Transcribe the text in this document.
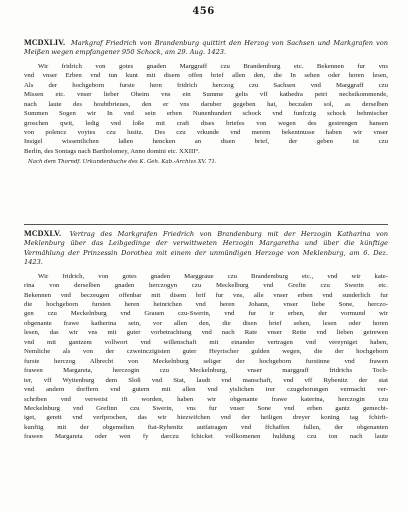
456

MCDXLIV. Markgraf Friedrich von Brandenburg quittirt den Herzog von Sachsen und Markgrafen von Meißen wegen empfangener 950 Schock, am 29. Aug. 1423.

Wir fridrich von gotes gnaden Marggraff czu Brandemburg etc. Bekennen fur vns
vnd vnser Erben vnd tun kunt mit disem offen brief allen den, die In sehen oder horen lesen,
Als der hochgeborn furste hern fridrich herczog czu Sachsen vnd Marggraff czu
Missen etc. vnser lieber Oheim vns ein Summe gelts vff kathedra petri nechstkommende,
nach laute des houbtbrieues, den er vns daruber gegeben hat, beczalen sol, as derselben
Summen Sogen wir In vnd sein erben Nunenhundert schock vnd funfczig schock behmischer
groschen qwit, ledig vnd loße mit craft dises briefes von wegen des gestrengen hansen
von polencz voytes czu lusitz. Des czu vrkunde vnd merem bekentnusse haben wir vnser
Insigel wissentlichen laßen hencken an disen brief, der geben ist czu
Berlin, des Sontags nach Bartholomey, Anno domini etc. XXIII°.
Nach dem Thorndf. Urkundenbuche des K. Geh. Kab.-Archivs XV. 71.

MCDXLV. Vertrag des Markgrafen Friedrich von Brandenburg mit der Herzogin Katharina von Meklenburg über das Leibgedinge der verwittweten Herzogin Margaretha und über die künftige Vermählung der Prinzessin Dorothea mit einem der unmündigen Herzoge von Meklenburg, am 6. Dez. 1423.

Wir fridrich, von gotes gnaden Marggraue czu Brandemburg etc., vnd wir kate-
rina von derselben gnaden herczogyn czu Meckelburg vnd Grefin czu Swerin etc.
Bekennen vnd beczeugen offenbar mit disem brif fur vns, alle vnser erben vnd sunderlich fur
die hochgeborn fursten heren heinrichen vnd heren Johann, vnser liebe Sone, herczo-
gen czu Meckelnburg vnd Grauen czu-Swerin, vnd fur ir erben, der vormund wir
obgenante frawe katherina sein, vor allen den, die disen brief sehen, lesen oder horen
lesen, das wir vns mit guter vorbetrachtung vnd nach Rate vnser Rette vnd lieben getrewen
vnd mit gantzem vollwort vnd willenschaft mit einander vertragen vnd vereyniget haben,
Nemliche als von der czweinczigisten guter Heyrischer gulden wegen, die der hochgeborn
furste herczog Albrecht von Meckelnburg seliger der hochgeborn furstinne vnd frawen
frawen Margareta, herczogin czu Meckelnburg, vnser marggraff fridrichs Toch-
ter, vff Wyttenburg dem Sloß vnd Stat, laudt vnd manschaft, vnd vff Rybenitz der stat
vnd andern dorffern vnd gutern mit allen vnd ytslichen irer czugehorungen vermacht ver-
schriben vnd verweist ift worden, haben wir obgenante frawe katerina, herczogin czu
Meckelnburg vnd Grefinn czu Swerin, vns fur vnser Sone vnd erben gantz gemecht-
iget, gerett vnd verfprochen, das wir hiezwifchen vnd der heiligen dreyer koning tag fchirft-
kunftig mit der obgemelten ftat-Rybenitz autfatragen vnd ffchaffen fullen, der obgenanten
frawen Margareta oder wen fy darczu fchicket vollkomenen huldung czu ton nach laute
